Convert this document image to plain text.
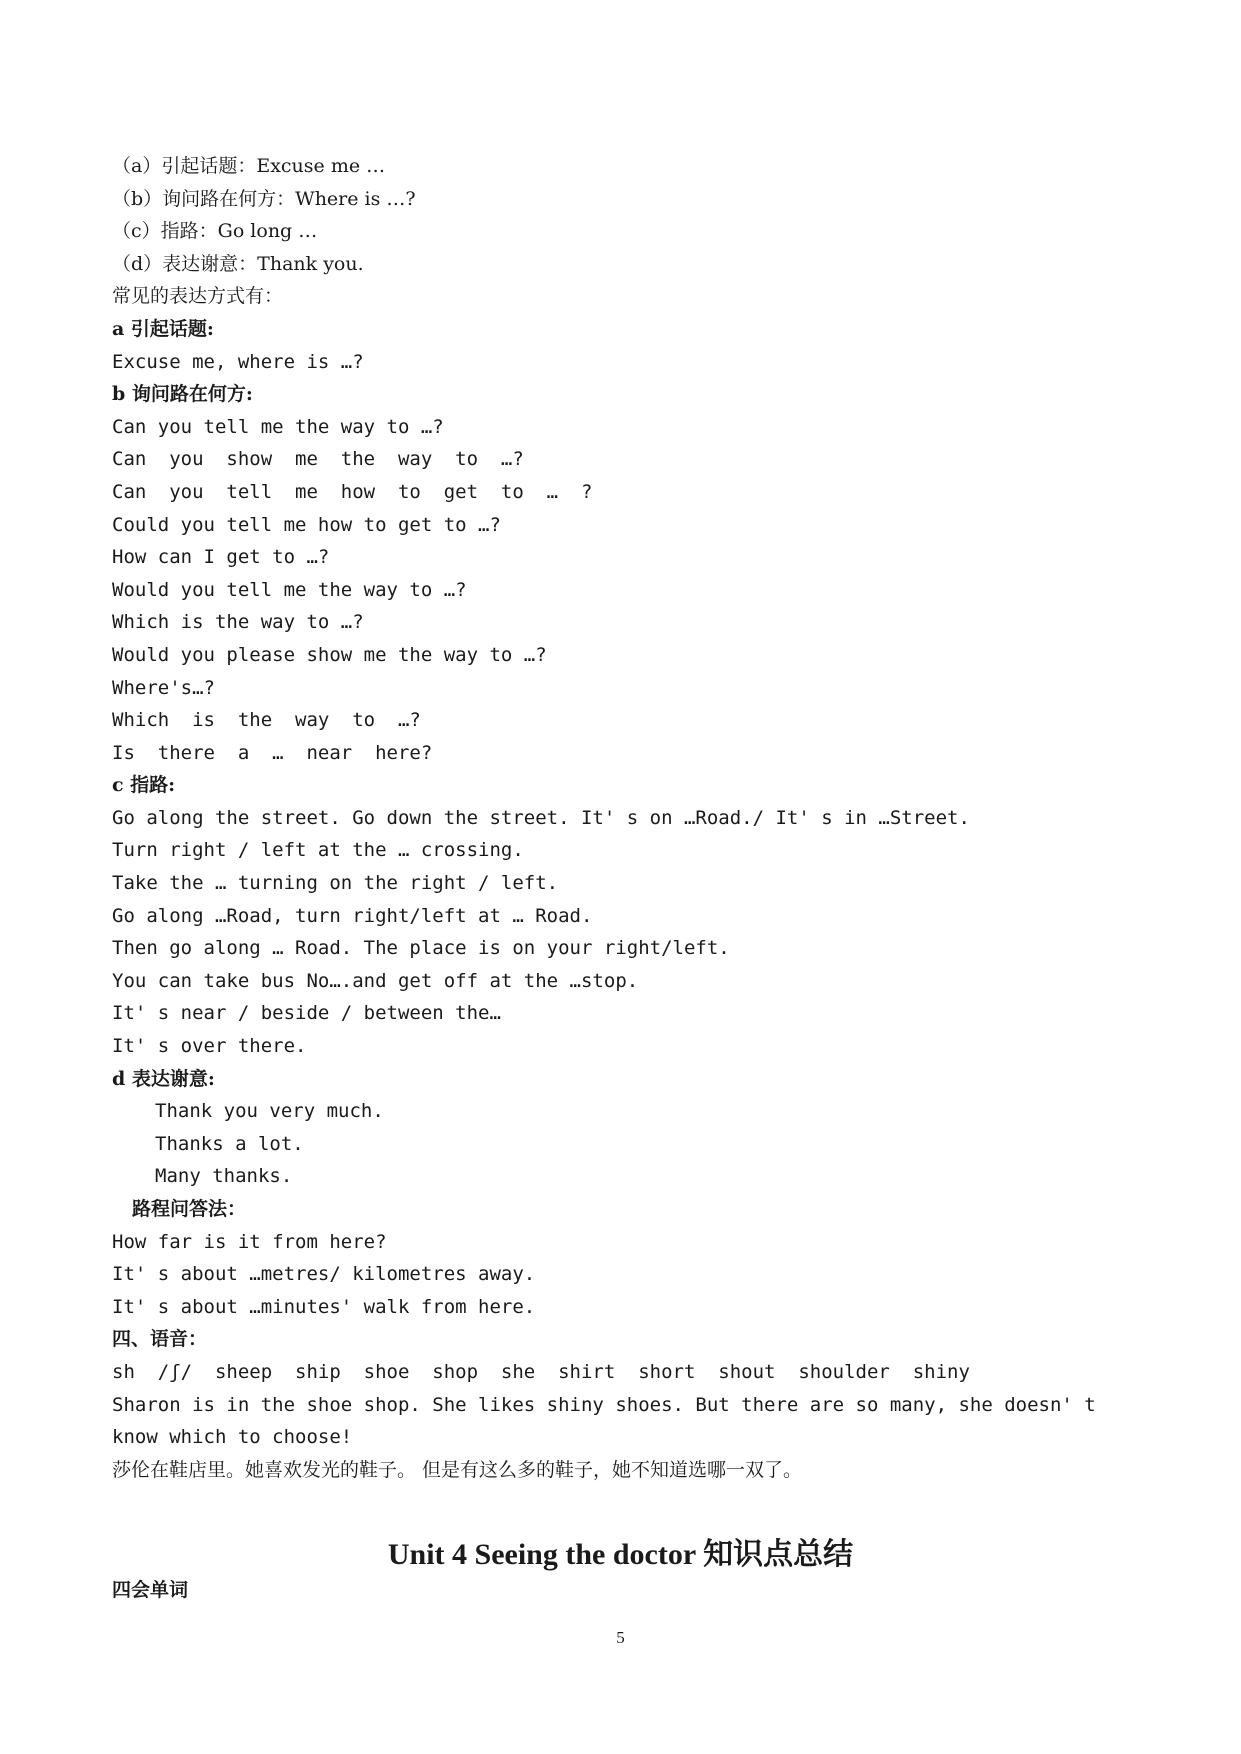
（a）引起话题：Excuse me …
（b）询问路在何方：Where is …?
（c）指路：Go long …
（d）表达谢意：Thank you.
常见的表达方式有：
a 引起话题:
Excuse me, where is …?
b 询问路在何方:
Can you tell me the way to …?
Can  you  show  me  the  way  to  …?
Can  you  tell  me  how  to  get  to  …  ?
Could you tell me how to get to …?
How can I get to …?
Would you tell me the way to …?
Which is the way to …?
Would you please show me the way to …?
Where's…?
Which  is  the  way  to  …?
Is  there  a  …  near  here?
c 指路:
Go along the street. Go down the street. It' s on …Road./ It' s in …Street.
Turn right / left at the … crossing.
Take the … turning on the right / left.
Go along …Road, turn right/left at … Road.
Then go along … Road. The place is on your right/left.
You can take bus No….and get off at the …stop.
It' s near / beside / between the…
It' s over there.
d 表达谢意:
Thank you very much.
Thanks a lot.
Many thanks.
路程问答法：
How far is it from here?
It' s about …metres/ kilometres away.
It' s about …minutes' walk from here.
四、语音：
sh  /ʃ/  sheep  ship  shoe  shop  she  shirt  short  shout  shoulder  shiny
Sharon is in the shoe shop. She likes shiny shoes. But there are so many, she doesn' t know which to choose!
莎伦在鞋店里。她喜欢发光的鞋子。 但是有这么多的鞋子，她不知道选哪一双了。
Unit 4 Seeing the doctor 知识点总结
四会单词
5
